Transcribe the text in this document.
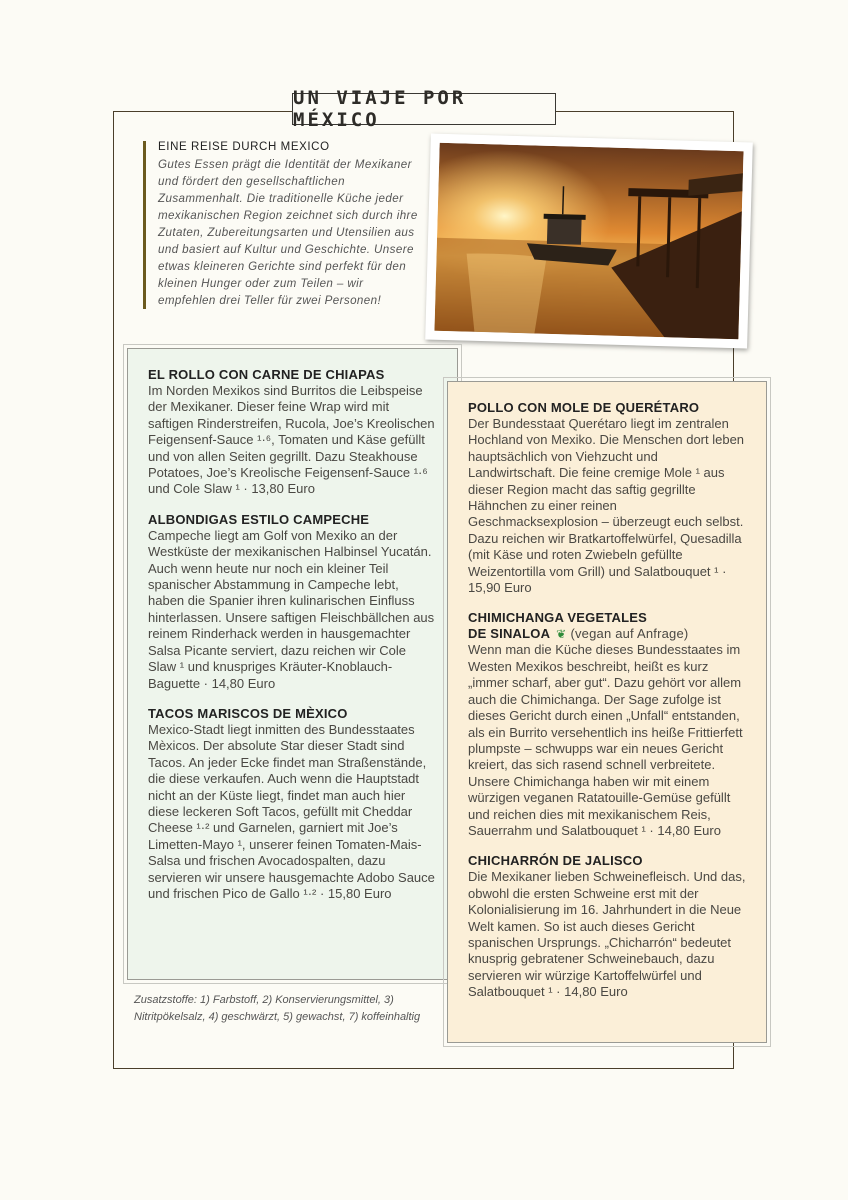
UN VIAJE POR MÉXICO
EINE REISE DURCH MEXICO

Gutes Essen prägt die Identität der Mexikaner und fördert den gesellschaftlichen Zusammenhalt. Die traditionelle Küche jeder mexikanischen Region zeichnet sich durch ihre Zutaten, Zubereitungsarten und Utensilien aus und basiert auf Kultur und Geschichte. Unsere etwas kleineren Gerichte sind perfekt für den kleinen Hunger oder zum Teilen – wir empfehlen drei Teller für zwei Personen!

EL ROLLO CON CARNE DE CHIAPAS

Im Norden Mexikos sind Burritos die Leibspeise der Mexikaner. Dieser feine Wrap wird mit saftigen Rinderstreifen, Rucola, Joe’s Kreolischen Feigensenf-Sauce ¹·⁶, Tomaten und Käse gefüllt und von allen Seiten gegrillt. Dazu Steakhouse Potatoes, Joe’s Kreolische Feigensenf-Sauce ¹·⁶ und Cole Slaw ¹ · 13,80 Euro

ALBONDIGAS ESTILO CAMPECHE

Campeche liegt am Golf von Mexiko an der Westküste der mexikanischen Halbinsel Yucatán. Auch wenn heute nur noch ein kleiner Teil spanischer Abstammung in Campeche lebt, haben die Spanier ihren kulinarischen Einfluss hinterlassen. Unsere saftigen Fleischbällchen aus reinem Rinderhack werden in hausgemachter Salsa Picante serviert, dazu reichen wir Cole Slaw ¹ und knuspriges Kräuter-Knoblauch-Baguette · 14,80 Euro

TACOS MARISCOS DE MÈXICO

Mexico-Stadt liegt inmitten des Bundesstaates Mèxicos. Der absolute Star dieser Stadt sind Tacos. An jeder Ecke findet man Straßenstände, die diese verkaufen. Auch wenn die Hauptstadt nicht an der Küste liegt, findet man auch hier diese leckeren Soft Tacos, gefüllt mit Cheddar Cheese ¹·² und Garnelen, garniert mit Joe’s Limetten-Mayo ¹, unserer feinen Tomaten-Mais-Salsa und frischen Avocadospalten, dazu servieren wir unsere hausgemachte Adobo Sauce und frischen Pico de Gallo ¹·² · 15,80 Euro

POLLO CON MOLE DE QUERÉTARO

Der Bundesstaat Querétaro liegt im zentralen Hochland von Mexiko. Die Menschen dort leben hauptsächlich von Viehzucht und Landwirtschaft. Die feine cremige Mole ¹ aus dieser Region macht das saftig gegrillte Hähnchen zu einer reinen Geschmacksexplosion – überzeugt euch selbst. Dazu reichen wir Bratkartoffelwürfel, Quesadilla (mit Käse und roten Zwiebeln gefüllte Weizentortilla vom Grill) und Salatbouquet ¹ · 15,90 Euro

CHIMICHANGA VEGETALES
DE SINALOA ❦ (vegan auf Anfrage)

Wenn man die Küche dieses Bundesstaates im Westen Mexikos beschreibt, heißt es kurz „immer scharf, aber gut“. Dazu gehört vor allem auch die Chimichanga. Der Sage zufolge ist dieses Gericht durch einen „Unfall“ entstanden, als ein Burrito versehentlich ins heiße Frittierfett plumpste – schwupps war ein neues Gericht kreiert, das sich rasend schnell verbreitete. Unsere Chimichanga haben wir mit einem würzigen veganen Ratatouille-Gemüse gefüllt und reichen dies mit mexikanischem Reis, Sauerrahm und Salatbouquet ¹ · 14,80 Euro

CHICHARRÓN DE JALISCO

Die Mexikaner lieben Schweinefleisch. Und das, obwohl die ersten Schweine erst mit der Kolonialisierung im 16. Jahrhundert in die Neue Welt kamen. So ist auch dieses Gericht spanischen Ursprungs. „Chicharrón“ bedeutet knusprig gebratener Schweinebauch, dazu servieren wir würzige Kartoffelwürfel und Salatbouquet ¹ · 14,80 Euro

Zusatzstoffe: 1) Farbstoff, 2) Konservierungsmittel, 3) Nitritpökelsalz, 4) geschwärzt, 5) gewachst, 7) koffeinhaltig
